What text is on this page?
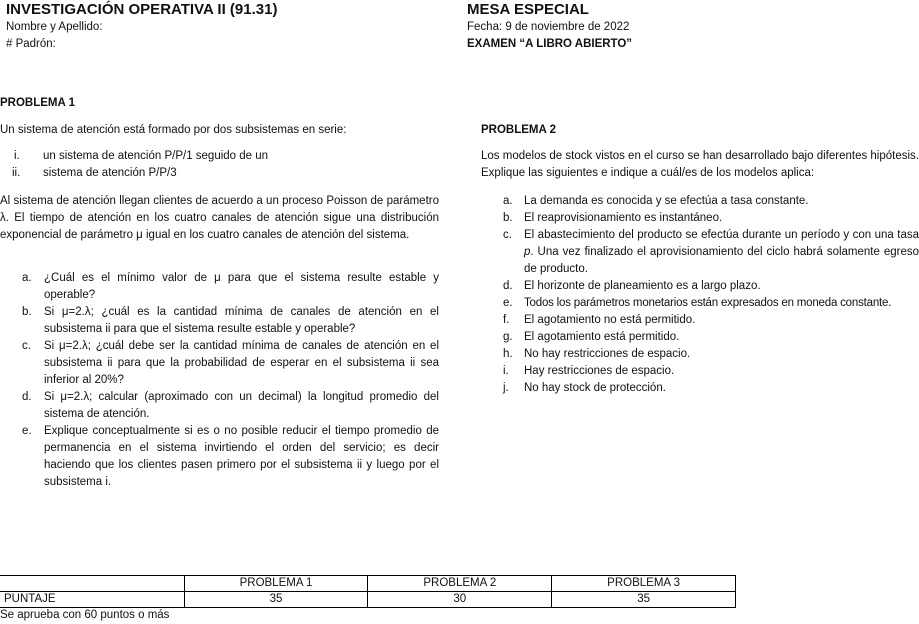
INVESTIGACIÓN OPERATIVA II (91.31)
Nombre y Apellido:
# Padrón:
MESA ESPECIAL
Fecha: 9 de noviembre de 2022
EXAMEN “A LIBRO ABIERTO”
PROBLEMA 1
Un sistema de atención está formado por dos subsistemas en serie:
i. un sistema de atención P/P/1 seguido de un
ii. sistema de atención P/P/3
Al sistema de atención llegan clientes de acuerdo a un proceso Poisson de parámetro λ. El tiempo de atención en los cuatro canales de atención sigue una distribución exponencial de parámetro μ igual en los cuatro canales de atención del sistema.
a. ¿Cuál es el mínimo valor de μ para que el sistema resulte estable y operable?
b. Si μ=2.λ; ¿cuál es la cantidad mínima de canales de atención en el subsistema ii para que el sistema resulte estable y operable?
c. Si μ=2.λ; ¿cuál debe ser la cantidad mínima de canales de atención en el subsistema ii para que la probabilidad de esperar en el subsistema ii sea inferior al 20%?
d. Si μ=2.λ; calcular (aproximado con un decimal) la longitud promedio del sistema de atención.
e. Explique conceptualmente si es o no posible reducir el tiempo promedio de permanencia en el sistema invirtiendo el orden del servicio; es decir haciendo que los clientes pasen primero por el subsistema ii y luego por el subsistema i.
PROBLEMA 2
Los modelos de stock vistos en el curso se han desarrollado bajo diferentes hipótesis. Explique las siguientes e indique a cuál/es de los modelos aplica:
a. La demanda es conocida y se efectúa a tasa constante.
b. El reaprovisionamiento es instantáneo.
c. El abastecimiento del producto se efectúa durante un período y con una tasa p. Una vez finalizado el aprovisionamiento del ciclo habrá solamente egreso de producto.
d. El horizonte de planeamiento es a largo plazo.
e. Todos los parámetros monetarios están expresados en moneda constante.
f. El agotamiento no está permitido.
g. El agotamiento está permitido.
h. No hay restricciones de espacio.
i. Hay restricciones de espacio.
j. No hay stock de protección.
	PROBLEMA 1	PROBLEMA 2	PROBLEMA 3
PUNTAJE	35	30	35
Se aprueba con 60 puntos o más
